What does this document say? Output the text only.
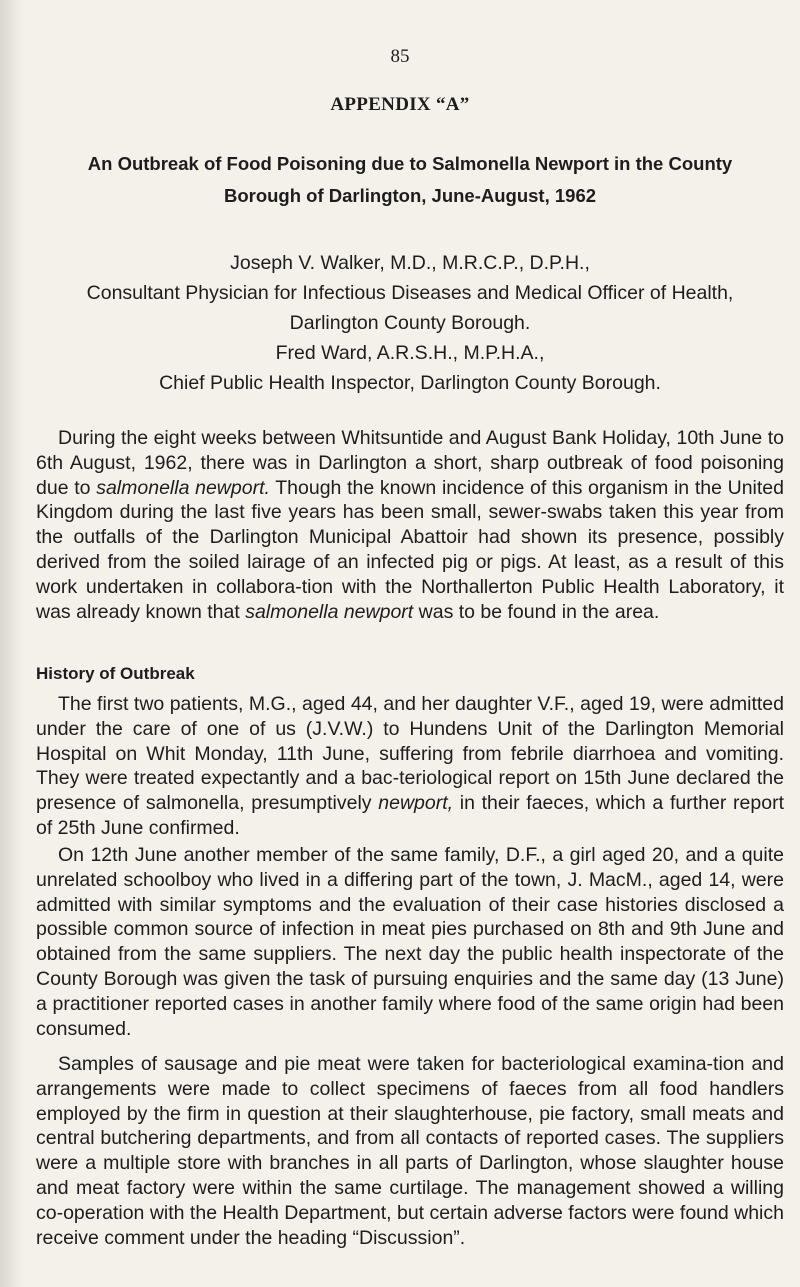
85
APPENDIX “A”
An Outbreak of Food Poisoning due to Salmonella Newport in the County
Borough of Darlington, June-August, 1962
Joseph V. Walker, M.D., M.R.C.P., D.P.H.,
Consultant Physician for Infectious Diseases and Medical Officer of Health,
Darlington County Borough.
Fred Ward, A.R.S.H., M.P.H.A.,
Chief Public Health Inspector, Darlington County Borough.

During the eight weeks between Whitsuntide and August Bank Holiday, 10th June to 6th August, 1962, there was in Darlington a short, sharp outbreak of food poisoning due to salmonella newport. Though the known incidence of this organism in the United Kingdom during the last five years has been small, sewer-swabs taken this year from the outfalls of the Darlington Municipal Abattoir had shown its presence, possibly derived from the soiled lairage of an infected pig or pigs. At least, as a result of this work undertaken in collabora-tion with the Northallerton Public Health Laboratory, it was already known that salmonella newport was to be found in the area.

History of Outbreak

The first two patients, M.G., aged 44, and her daughter V.F., aged 19, were admitted under the care of one of us (J.V.W.) to Hundens Unit of the Darlington Memorial Hospital on Whit Monday, 11th June, suffering from febrile diarrhoea and vomiting. They were treated expectantly and a bac-teriological report on 15th June declared the presence of salmonella, presumptively newport, in their faeces, which a further report of 25th June confirmed.

On 12th June another member of the same family, D.F., a girl aged 20, and a quite unrelated schoolboy who lived in a differing part of the town, J. MacM., aged 14, were admitted with similar symptoms and the evaluation of their case histories disclosed a possible common source of infection in meat pies purchased on 8th and 9th June and obtained from the same suppliers. The next day the public health inspectorate of the County Borough was given the task of pursuing enquiries and the same day (13 June) a practitioner reported cases in another family where food of the same origin had been consumed.

Samples of sausage and pie meat were taken for bacteriological examina-tion and arrangements were made to collect specimens of faeces from all food handlers employed by the firm in question at their slaughterhouse, pie factory, small meats and central butchering departments, and from all contacts of reported cases. The suppliers were a multiple store with branches in all parts of Darlington, whose slaughter house and meat factory were within the same curtilage. The management showed a willing co-operation with the Health Department, but certain adverse factors were found which receive comment under the heading “Discussion”.
